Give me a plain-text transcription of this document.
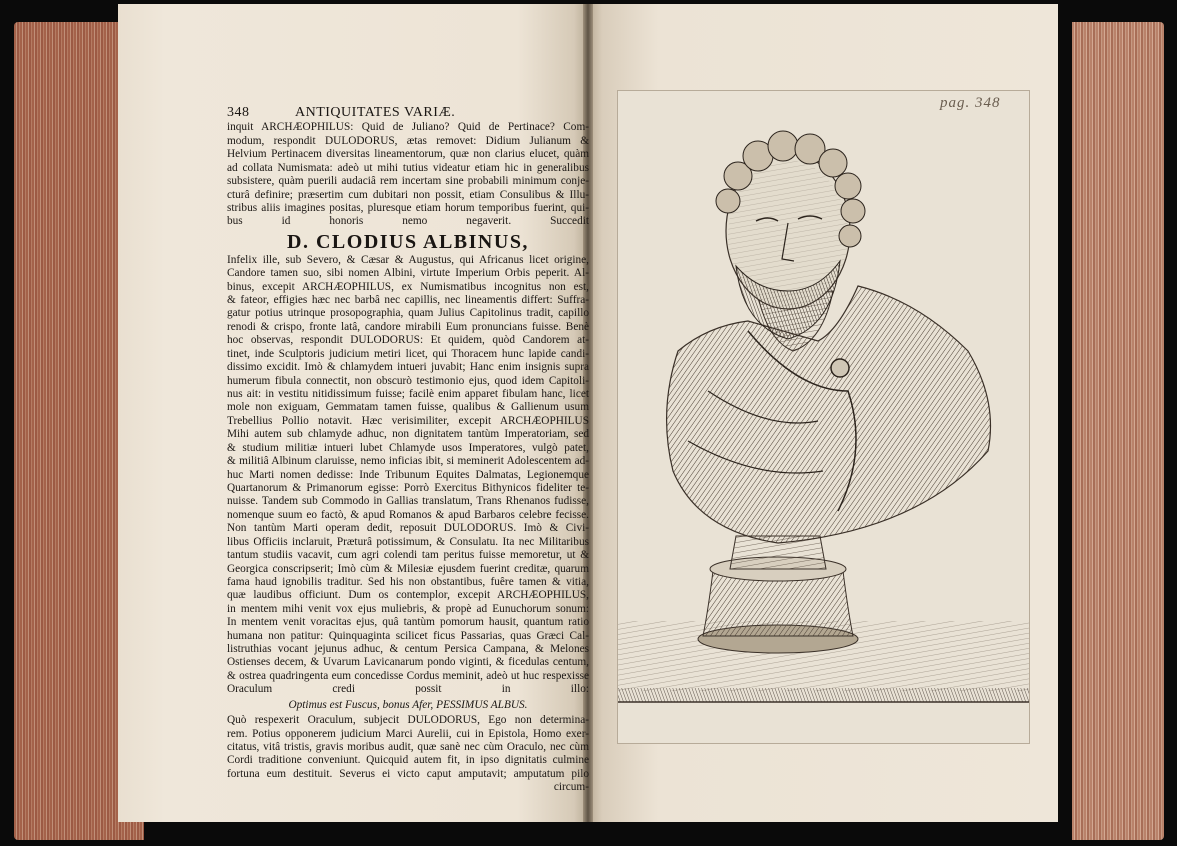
348	ANTIQUITATES VARIÆ.
inquit ARCHÆOPHILUS: Quid de Juliano? Quid de Pertinace? Com-
modum, respondit DULODORUS, ætas removet: Didium Julianum &
Helvium Pertinacem diversitas lineamentorum, quæ non clarius elucet, quàm
ad collata Numismata: adeò ut mihi tutius videatur etiam hic in generalibus
subsistere, quàm puerili audaciâ rem incertam sine probabili minimum conje-
cturâ definire; præsertim cum dubitari non possit, etiam Consulibus & Illu-
stribus aliis imagines positas, pluresque etiam horum temporibus fuerint, qui-
bus id honoris nemo negaverit. Succedit
D. CLODIUS ALBINUS,
Infelix ille, sub Severo, & Cæsar & Augustus, qui Africanus licet origine,
Candore tamen suo, sibi nomen Albini, virtute Imperium Orbis peperit. Al-
binus, excepit ARCHÆOPHILUS, ex Numismatibus incognitus non est,
& fateor, effigies hæc nec barbâ nec capillis, nec lineamentis differt: Suffra-
gatur potius utrinque prosopographia, quam Julius Capitolinus tradit, capillo
renodi & crispo, fronte latâ, candore mirabili Eum pronuncians fuisse. Benè
hoc observas, respondit DULODORUS: Et quidem, quòd Candorem at-
tinet, inde Sculptoris judicium metiri licet, qui Thoracem hunc lapide candi-
dissimo excidit. Imò & chlamydem intueri juvabit; Hanc enim insignis supra
humerum fibula connectit, non obscurò testimonio ejus, quod idem Capitoli-
nus ait: in vestitu nitidissimum fuisse; facilè enim apparet fibulam hanc, licet
mole non exiguam, Gemmatam tamen fuisse, qualibus & Gallienum usum
Trebellius Pollio notavit. Hæc verisimiliter, excepit ARCHÆOPHILUS
Mihi autem sub chlamyde adhuc, non dignitatem tantùm Imperatoriam, sed
& studium militiæ intueri lubet Chlamyde usos Imperatores, vulgò patet,
& militiâ Albinum claruisse, nemo inficias ibit, si meminerit Adolescentem ad-
huc Marti nomen dedisse: Inde Tribunum Equites Dalmatas, Legionemque
Quartanorum & Primanorum egisse: Porrò Exercitus Bithynicos fideliter te-
nuisse. Tandem sub Commodo in Gallias translatum, Trans Rhenanos fudisse,
nomenque suum eo factò, & apud Romanos & apud Barbaros celebre fecisse.
Non tantùm Marti operam dedit, reposuit DULODORUS. Imò & Civi-
libus Officiis inclaruit, Præturâ potissimum, & Consulatu. Ita nec Militaribus
tantum studiis vacavit, cum agri colendi tam peritus fuisse memoretur, ut &
Georgica conscripserit; Imò cùm & Milesiæ ejusdem fuerint creditæ, quarum
fama haud ignobilis traditur. Sed his non obstantibus, fuêre tamen & vitia,
quæ laudibus officiunt. Dum os contemplor, excepit ARCHÆOPHILUS,
in mentem mihi venit vox ejus muliebris, & propè ad Eunuchorum sonum:
In mentem venit voracitas ejus, quâ tantùm pomorum hausit, quantum ratio
humana non patitur: Quinquaginta scilicet ficus Passarias, quas Græci Cal-
listruthias vocant jejunus adhuc, & centum Persica Campana, & Melones
Ostienses decem, & Uvarum Lavicanarum pondo viginti, & ficedulas centum,
& ostrea quadringenta eum concedisse Cordus meminit, adeò ut huc respexisse
Oraculum credi possit in illo:
Optimus est Fuscus, bonus Afer, PESSIMUS ALBUS.
Quò respexerit Oraculum, subjecit DULODORUS, Ego non determina-
rem. Potius opponerem judicium Marci Aurelii, cui in Epistola, Homo exer-
citatus, vitâ tristis, gravis moribus audit, quæ sanè nec cùm Oraculo, nec cùm
Cordi traditione conveniunt. Quicquid autem fit, in ipso dignitatis culmine
fortuna eum destituit. Severus ei victo caput amputavit; amputatum pilo
circum-
pag. 348
